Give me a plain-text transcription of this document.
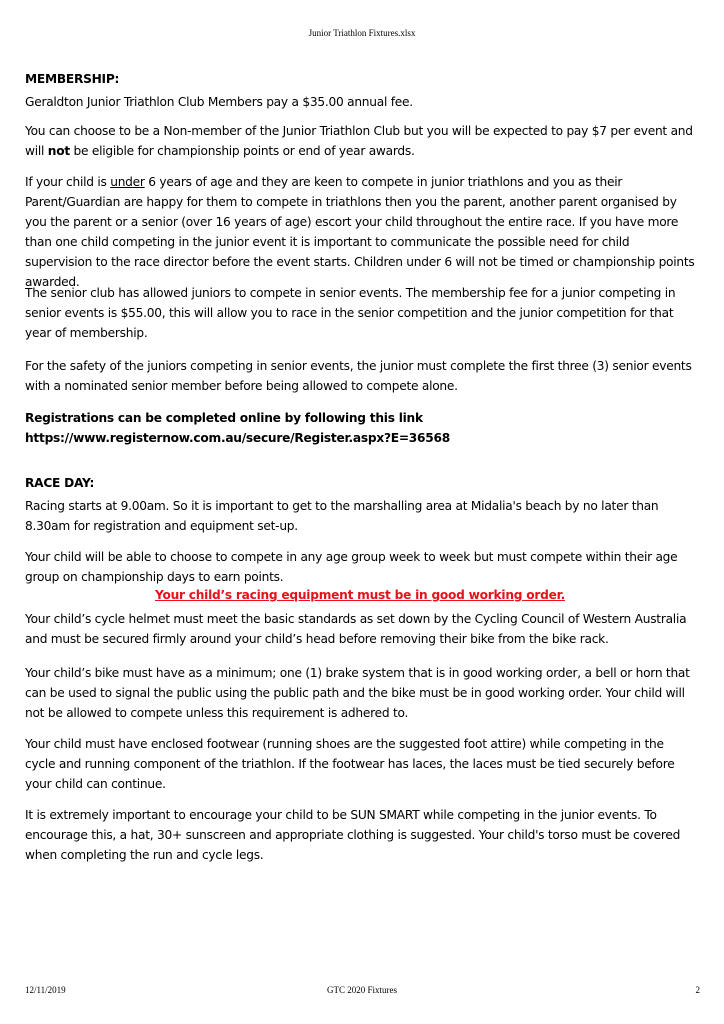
Junior Triathlon Fixtures.xlsx
MEMBERSHIP:

Geraldton Junior Triathlon Club Members pay a $35.00 annual fee.

You can choose to be a Non-member of the Junior Triathlon Club but you will be expected to pay $7 per event and will not be eligible for championship points or end of year awards.

If your child is under 6 years of age and they are keen to compete in junior triathlons and you as their Parent/Guardian are happy for them to compete in triathlons then you the parent, another parent organised by you the parent or a senior (over 16 years of age) escort your child throughout the entire race. If you have more than one child competing in the junior event it is important to communicate the possible need for child supervision to the race director before the event starts. Children under 6 will not be timed or championship points awarded.

The senior club has allowed juniors to compete in senior events. The membership fee for a junior competing in senior events is $55.00, this will allow you to race in the senior competition and the junior competition for that year of membership.

For the safety of the juniors competing in senior events, the junior must complete the first three (3) senior events with a nominated senior member before being allowed to compete alone.

Registrations can be completed online by following this link

https://www.registernow.com.au/secure/Register.aspx?E=36568

RACE DAY:

Racing starts at 9.00am. So it is important to get to the marshalling area at Midalia's beach by no later than 8.30am for registration and equipment set-up.

Your child will be able to choose to compete in any age group week to week but must compete within their age group on championship days to earn points.

Your child’s racing equipment must be in good working order.

Your child’s cycle helmet must meet the basic standards as set down by the Cycling Council of Western Australia and must be secured firmly around your child’s head before removing their bike from the bike rack.

Your child’s bike must have as a minimum; one (1) brake system that is in good working order, a bell or horn that can be used to signal the public using the public path and the bike must be in good working order. Your child will not be allowed to compete unless this requirement is adhered to.

Your child must have enclosed footwear (running shoes are the suggested foot attire) while competing in the cycle and running component of the triathlon. If the footwear has laces, the laces must be tied securely before your child can continue.

It is extremely important to encourage your child to be SUN SMART while competing in the junior events. To encourage this, a hat, 30+ sunscreen and appropriate clothing is suggested. Your child's torso must be covered when completing the run and cycle legs.

12/11/2019	GTC 2020 Fixtures	2
